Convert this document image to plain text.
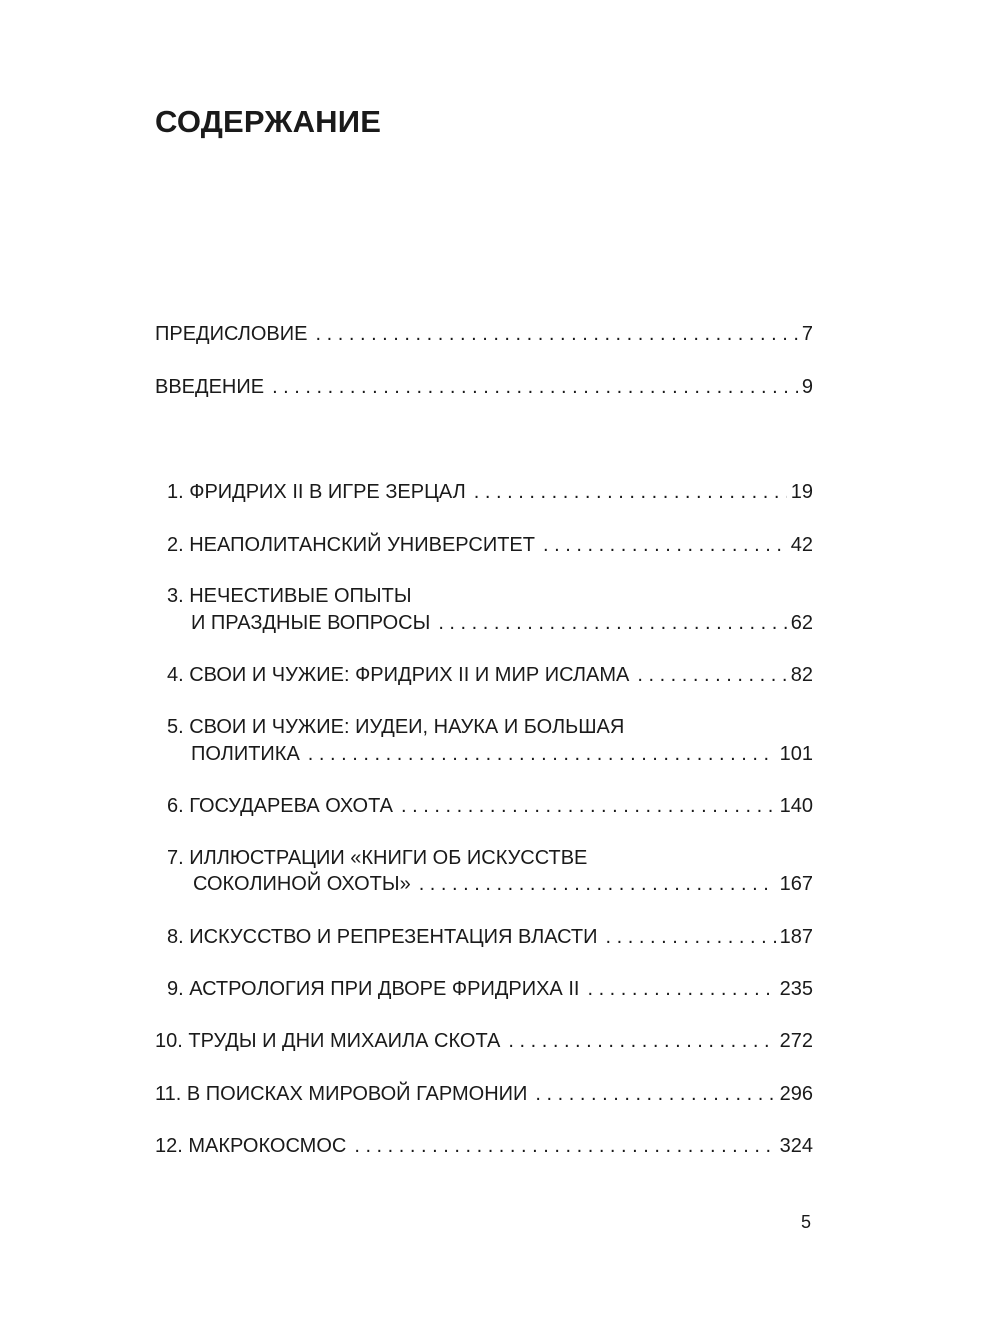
СОДЕРЖАНИЕ
ПРЕДИСЛОВИЕ . . .	7
ВВЕДЕНИЕ . . .	9
1. ФРИДРИХ II В ИГРЕ ЗЕРЦАЛ . . .	19
2. НЕАПОЛИТАНСКИЙ УНИВЕРСИТЕТ . . .	42
3. НЕЧЕСТИВЫЕ ОПЫТЫ
И ПРАЗДНЫЕ ВОПРОСЫ . . .	62
4. СВОИ И ЧУЖИЕ: ФРИДРИХ II И МИР ИСЛАМА . . .	82
5. СВОИ И ЧУЖИЕ: ИУДЕИ, НАУКА И БОЛЬШАЯ
ПОЛИТИКА . . .	101
6. ГОСУДАРЕВА ОХОТА . . .	140
7. ИЛЛЮСТРАЦИИ «КНИГИ ОБ ИСКУССТВЕ
СОКОЛИНОЙ ОХОТЫ» . . .	167
8. ИСКУССТВО И РЕПРЕЗЕНТАЦИЯ ВЛАСТИ . . .	187
9. АСТРОЛОГИЯ ПРИ ДВОРЕ ФРИДРИХА II . . .	235
10. ТРУДЫ И ДНИ МИХАИЛА СКОТА . . .	272
11. В ПОИСКАХ МИРОВОЙ ГАРМОНИИ . . .	296
12. МАКРОКОСМОС . . .	324
5
